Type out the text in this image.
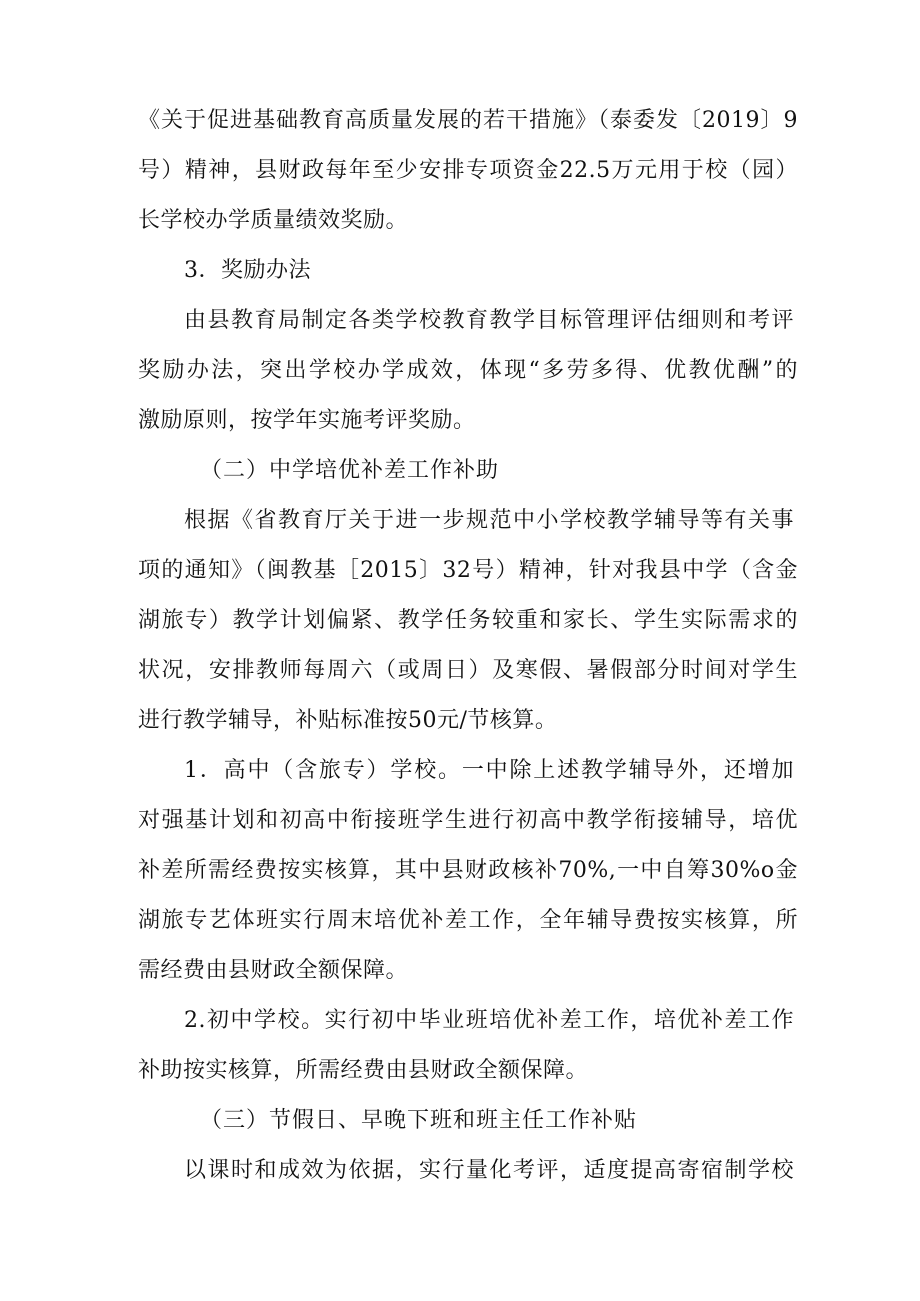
《关于促进基础教育高质量发展的若干措施》（泰委发〔2019〕9
号）精神，县财政每年至少安排专项资金22.5万元用于校（园）
长学校办学质量绩效奖励。
3．奖励办法
由县教育局制定各类学校教育教学目标管理评估细则和考评
奖励办法，突出学校办学成效，体现“多劳多得、优教优酬”的
激励原则，按学年实施考评奖励。
（二）中学培优补差工作补助
根据《省教育厅关于进一步规范中小学校教学辅导等有关事
项的通知》（闽教基［2015〕32号）精神，针对我县中学（含金
湖旅专）教学计划偏紧、教学任务较重和家长、学生实际需求的
状况，安排教师每周六（或周日）及寒假、暑假部分时间对学生
进行教学辅导，补贴标准按50元/节核算。
1．高中（含旅专）学校。一中除上述教学辅导外，还增加
对强基计划和初高中衔接班学生进行初高中教学衔接辅导，培优
补差所需经费按实核算，其中县财政核补70%,一中自筹30%o金
湖旅专艺体班实行周末培优补差工作，全年辅导费按实核算，所
需经费由县财政全额保障。
2.初中学校。实行初中毕业班培优补差工作，培优补差工作
补助按实核算，所需经费由县财政全额保障。
（三）节假日、早晚下班和班主任工作补贴
以课时和成效为依据，实行量化考评，适度提高寄宿制学校
